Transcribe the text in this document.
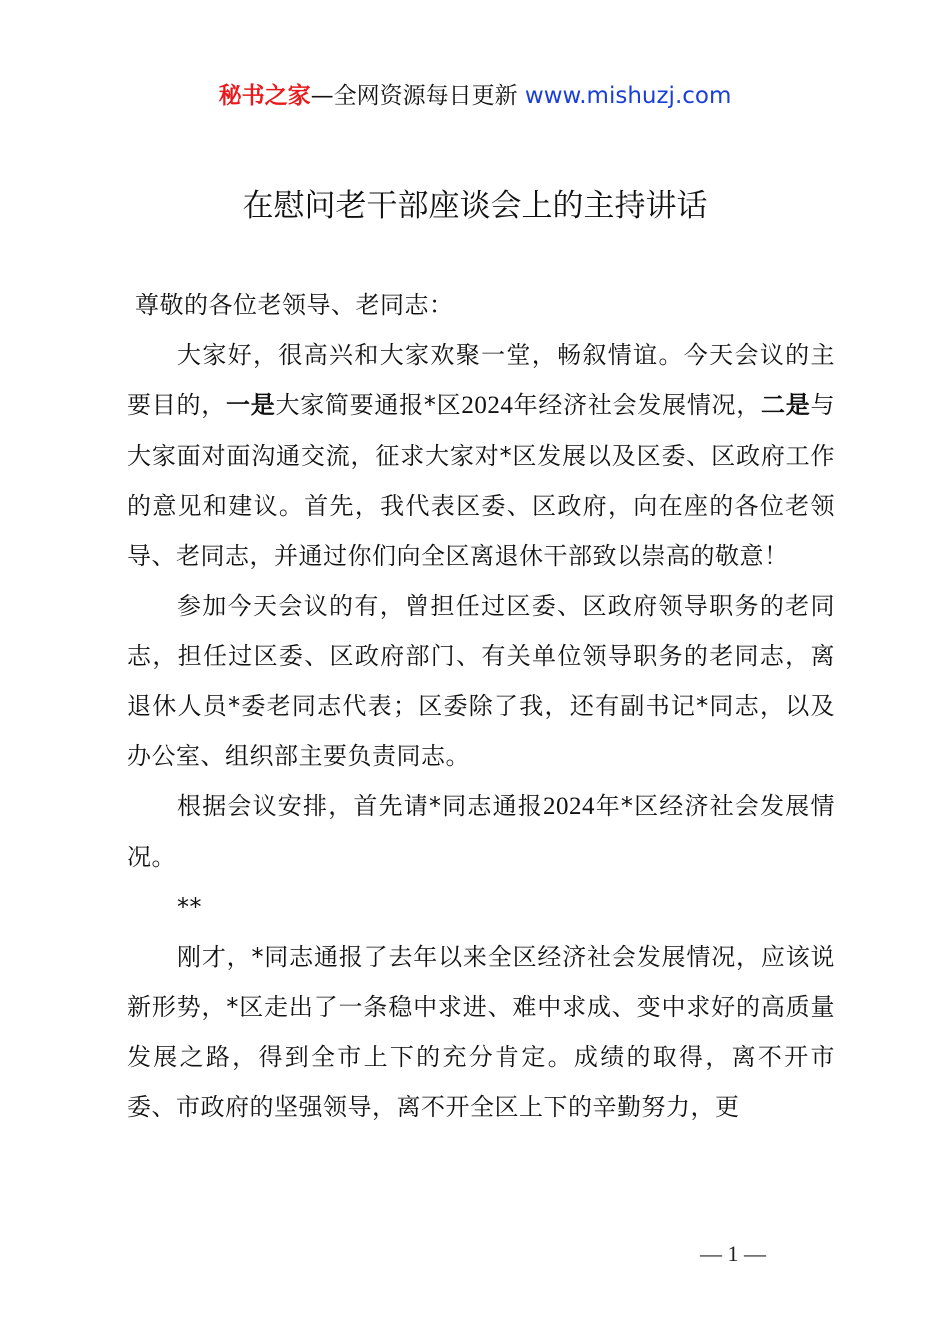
秘书之家—全网资源每日更新 www.mishuzj.com
在慰问老干部座谈会上的主持讲话

尊敬的各位老领导、老同志：

大家好，很高兴和大家欢聚一堂，畅叙情谊。今天会议的主要目的，一是大家简要通报*区2024年经济社会发展情况，二是与大家面对面沟通交流，征求大家对*区发展以及区委、区政府工作的意见和建议。首先，我代表区委、区政府，向在座的各位老领导、老同志，并通过你们向全区离退休干部致以崇高的敬意！

参加今天会议的有，曾担任过区委、区政府领导职务的老同志，担任过区委、区政府部门、有关单位领导职务的老同志，离退休人员*委老同志代表；区委除了我，还有副书记*同志，以及办公室、组织部主要负责同志。

根据会议安排，首先请*同志通报2024年*区经济社会发展情况。

**

刚才，*同志通报了去年以来全区经济社会发展情况，应该说新形势，*区走出了一条稳中求进、难中求成、变中求好的高质量发展之路，得到全市上下的充分肯定。成绩的取得，离不开市委、市政府的坚强领导，离不开全区上下的辛勤努力，更

— 1 —
